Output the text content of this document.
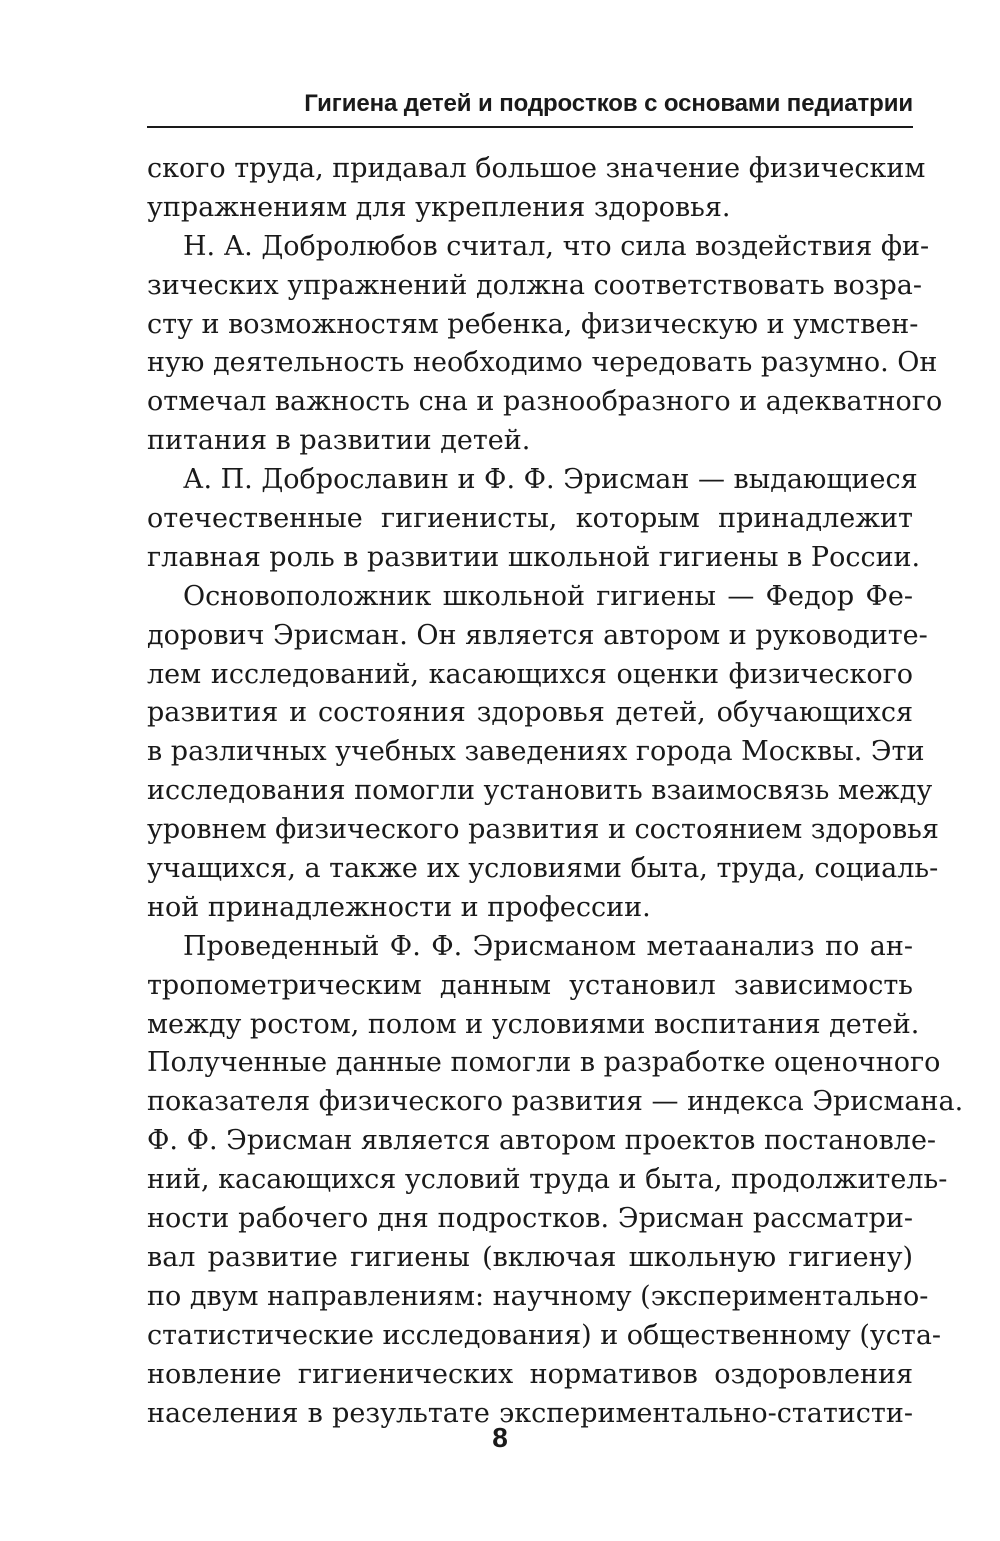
Гигиена детей и подростков с основами педиатрии

ского труда, придавал большое значение физическим
упражнениям для укрепления здоровья.

Н. А. Добролюбов считал, что сила воздействия фи-
зических упражнений должна соответствовать возра-
сту и возможностям ребенка, физическую и умствен-
ную деятельность необходимо чередовать разумно. Он
отмечал важность сна и разнообразного и адекватного
питания в развитии детей.

А. П. Доброславин и Ф. Ф. Эрисман — выдающиеся
отечественные гигиенисты, которым принадлежит
главная роль в развитии школьной гигиены в России.

Основоположник школьной гигиены — Федор Фе-
дорович Эрисман. Он является автором и руководите-
лем исследований, касающихся оценки физического
развития и состояния здоровья детей, обучающихся
в различных учебных заведениях города Москвы. Эти
исследования помогли установить взаимосвязь между
уровнем физического развития и состоянием здоровья
учащихся, а также их условиями быта, труда, социаль-
ной принадлежности и профессии.

Проведенный Ф. Ф. Эрисманом метаанализ по ан-
тропометрическим данным установил зависимость
между ростом, полом и условиями воспитания детей.
Полученные данные помогли в разработке оценочного
показателя физического развития — индекса Эрисмана.
Ф. Ф. Эрисман является автором проектов постановле-
ний, касающихся условий труда и быта, продолжитель-
ности рабочего дня подростков. Эрисман рассматри-
вал развитие гигиены (включая школьную гигиену)
по двум направлениям: научному (экспериментально-
статистические исследования) и общественному (уста-
новление гигиенических нормативов оздоровления
населения в результате экспериментально-статисти-

8
